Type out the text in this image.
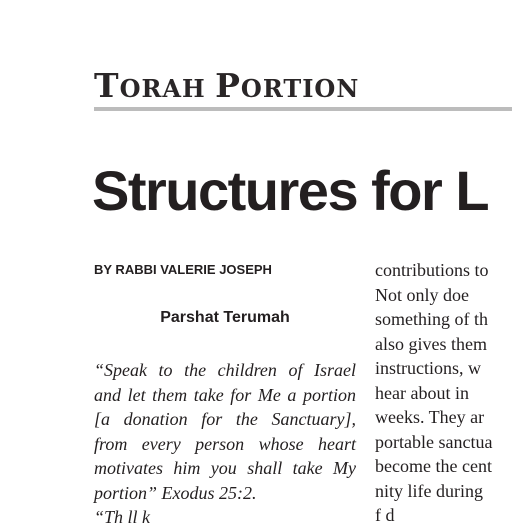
TORAH PORTION
Structures for L
BY RABBI VALERIE JOSEPH
Parshat Terumah
“Speak to the children of Israel
and let them take for Me a portion
[a donation for the Sanctuary],
from every person whose heart
motivates him you shall take My
portion” Exodus 25:2.
“Th ll k
contributions to
Not only doe
something of th
also gives them
instructions, w
hear about in
weeks. They ar
portable sanctua
become the cent
nity life during
f d
